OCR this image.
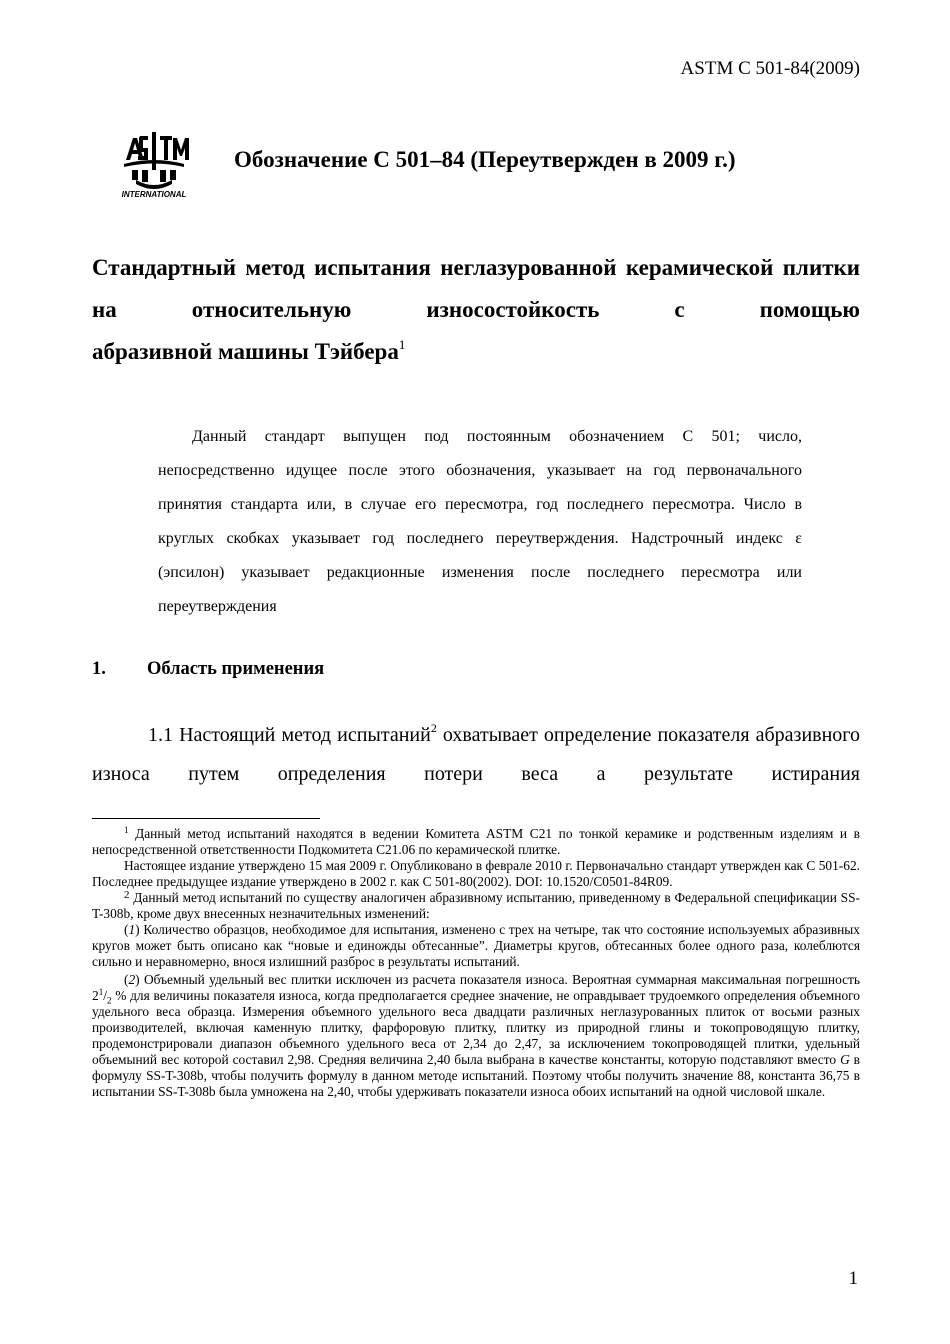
ASTM C 501-84(2009)
INTERNATIONAL
Обозначение C 501–84 (Переутвержден в 2009 г.)
Стандартный метод испытания неглазурованной керамической плитки на относительную износостойкость с помощью
абразивной машины Тэйбера$^1$
Данный стандарт выпущен под постоянным обозначением C 501; число, непосредственно идущее после этого обозначения, указывает на год первоначального принятия стандарта или, в случае его пересмотра, год последнего пересмотра. Число в круглых скобках указывает год последнего переутверждения. Надстрочный индекс ε (эпсилон) указывает редакционные изменения после последнего пересмотра или переутверждения
1. Область применения
1.1 Настоящий метод испытаний$^2$ охватывает определение показателя абразивного износа путем определения потери веса а результате истирания

$^1$ Данный метод испытаний находятся в ведении Комитета ASTM C21 по тонкой керамике и родственным изделиям и в непосредственной ответственности Подкомитета C21.06 по керамической плитке.

Настоящее издание утверждено 15 мая 2009 г. Опубликовано в феврале 2010 г. Первоначально стандарт утвержден как C 501-62. Последнее предыдущее издание утверждено в 2002 г. как C 501-80(2002). DOI: 10.1520/C0501-84R09.

$^2$ Данный метод испытаний по существу аналогичен абразивному испытанию, приведенному в Федеральной спецификации SS-T-308b, кроме двух внесенных незначительных изменений:

(1) Количество образцов, необходимое для испытания, изменено с трех на четыре, так что состояние используемых абразивных кругов может быть описано как “новые и единожды обтесанные”. Диаметры кругов, обтесанных более одного раза, колеблются сильно и неравномерно, внося излишний разброс в результаты испытаний.

(2) Объемный удельный вес плитки исключен из расчета показателя износа. Вероятная суммарная максимальная погрешность $2^1/_2$ % для величины показателя износа, когда предполагается среднее значение, не оправдывает трудоемкого определения объемного удельного веса образца. Измерения объемного удельного веса двадцати различных неглазурованных плиток от восьми разных производителей, включая каменную плитку, фарфоровую плитку, плитку из природной глины и токопроводящую плитку, продемонстрировали диапазон объемного удельного веса от 2,34 до 2,47, за исключением токопроводящей плитки, удельный объемыний вес которой составил 2,98. Средняя величина 2,40 была выбрана в качестве константы, которую подставляют вместо G в формулу SS-T-308b, чтобы получить формулу в данном методе испытаний. Поэтому чтобы получить значение 88, константа 36,75 в испытании SS-T-308b была умножена на 2,40, чтобы удерживать показатели износа обоих испытаний на одной числовой шкале.

1
